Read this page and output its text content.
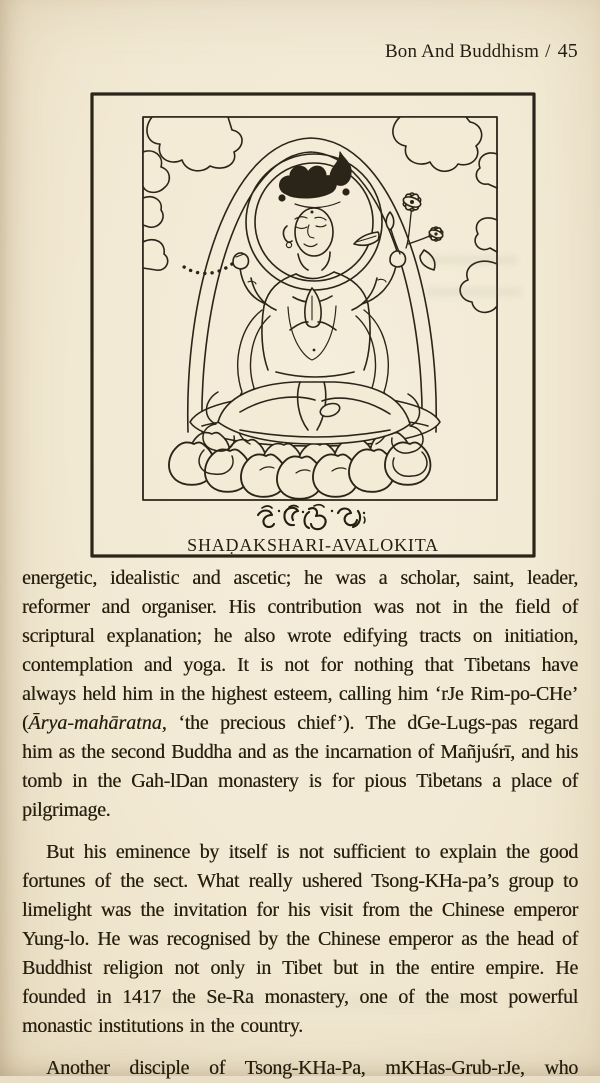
Bon And Buddhism / 45
SHAḌAKSHARI-AVALOKITA

energetic, idealistic and ascetic; he was a scholar, saint, leader, reformer and organiser. His contribution was not in the field of scriptural explanation; he also wrote edifying tracts on initiation, contemplation and yoga. It is not for nothing that Tibetans have always held him in the highest esteem, calling him ‘rJe Rim-po-CHe’ (Ārya-mahāratna, ‘the precious chief’). The dGe-Lugs-pas regard him as the second Buddha and as the incarnation of Mañjuśrī, and his tomb in the Gah-lDan monastery is for pious Tibetans a place of pilgrimage.

But his eminence by itself is not sufficient to explain the good fortunes of the sect. What really ushered Tsong-KHa-pa’s group to limelight was the invitation for his visit from the Chinese emperor Yung-lo. He was recognised by the Chinese emperor as the head of Buddhist religion not only in Tibet but in the entire empire. He founded in 1417 the Se-Ra monastery, one of the most powerful monastic institutions in the country.

Another disciple of Tsong-KHa-Pa, mKHas-Grub-rJe, who
